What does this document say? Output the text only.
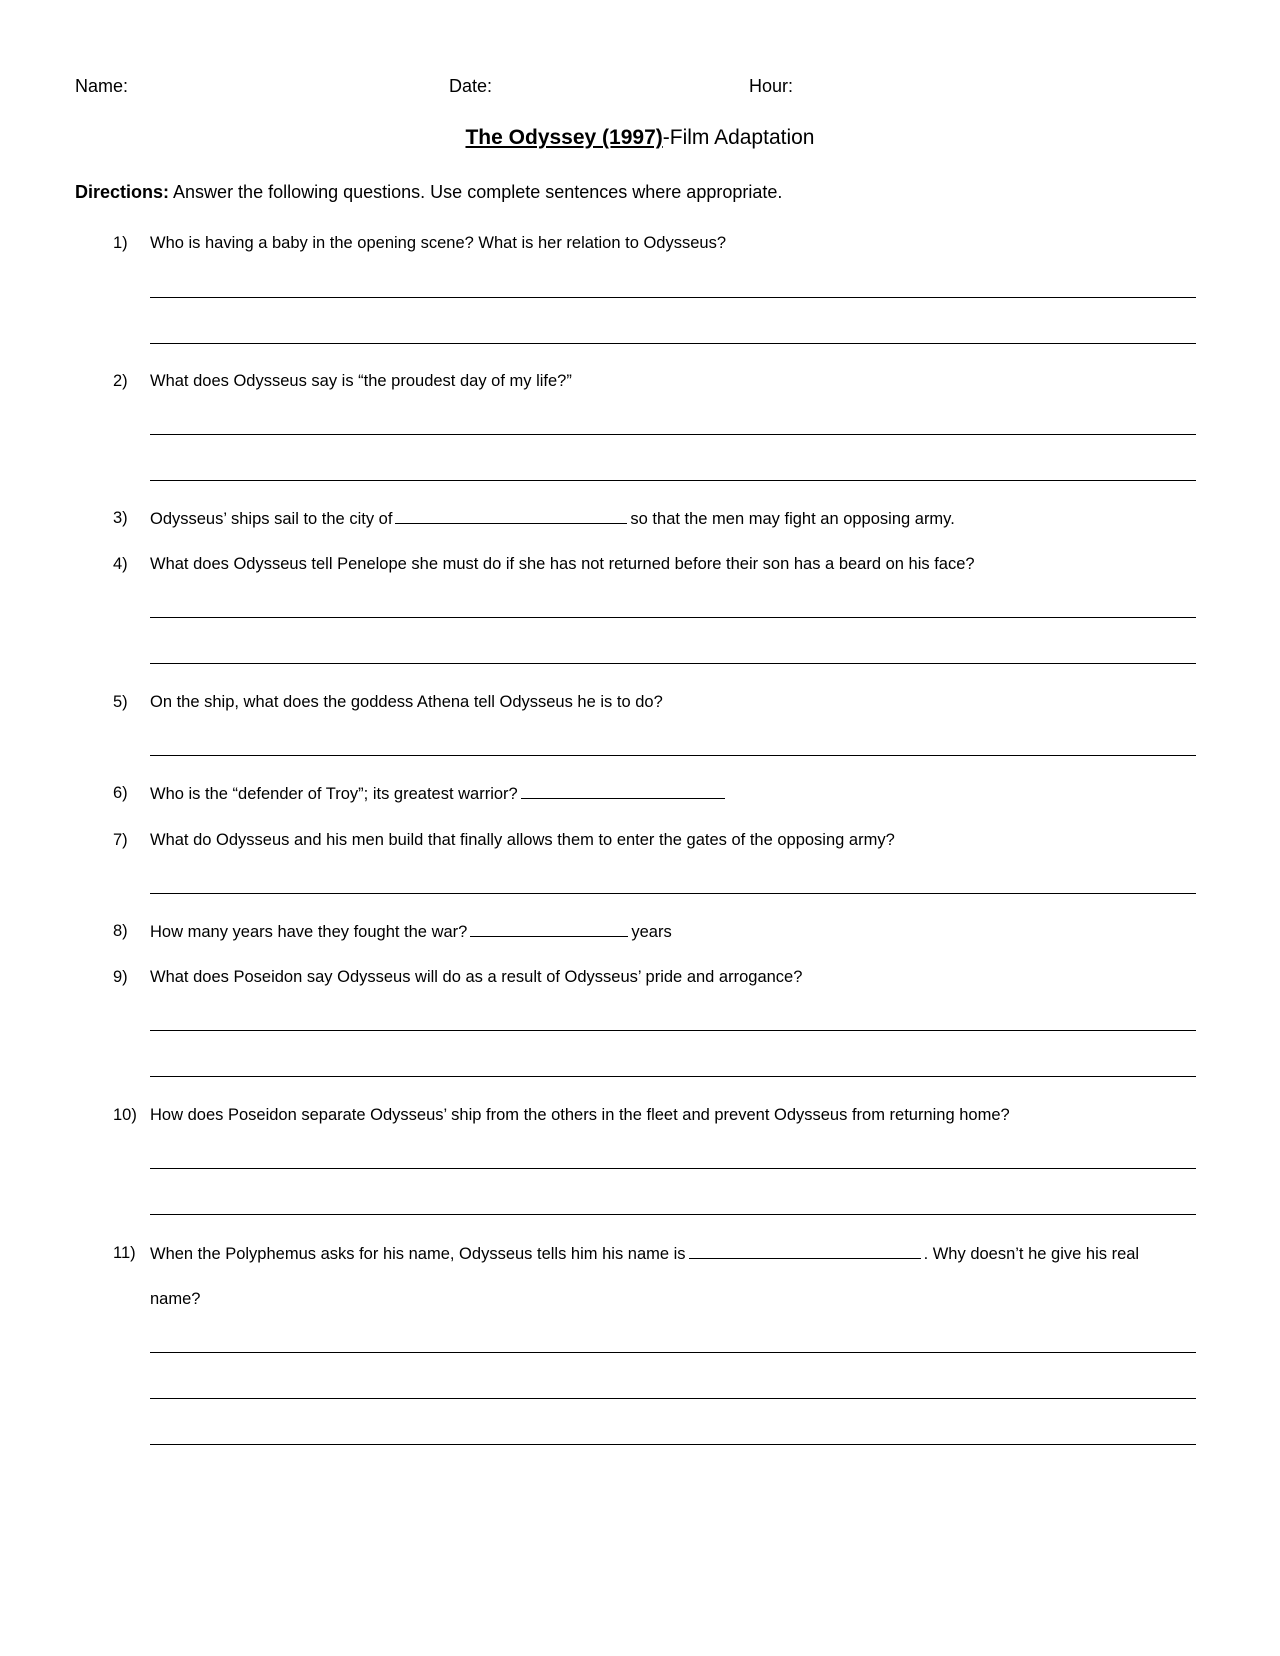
Name:	Date:	Hour:
The Odyssey (1997)-Film Adaptation
Directions: Answer the following questions. Use complete sentences where appropriate.
1) Who is having a baby in the opening scene? What is her relation to Odysseus?
2) What does Odysseus say is “the proudest day of my life?”
3) Odysseus’ ships sail to the city of	so that the men may fight an opposing army.
4) What does Odysseus tell Penelope she must do if she has not returned before their son has a beard on his face?
5) On the ship, what does the goddess Athena tell Odysseus he is to do?
6) Who is the “defender of Troy”; its greatest warrior?
7) What do Odysseus and his men build that finally allows them to enter the gates of the opposing army?
8) How many years have they fought the war?	years
9) What does Poseidon say Odysseus will do as a result of Odysseus’ pride and arrogance?
10) How does Poseidon separate Odysseus’ ship from the others in the fleet and prevent Odysseus from returning home?
11) When the Polyphemus asks for his name, Odysseus tells him his name is	. Why doesn’t he give his real
name?
